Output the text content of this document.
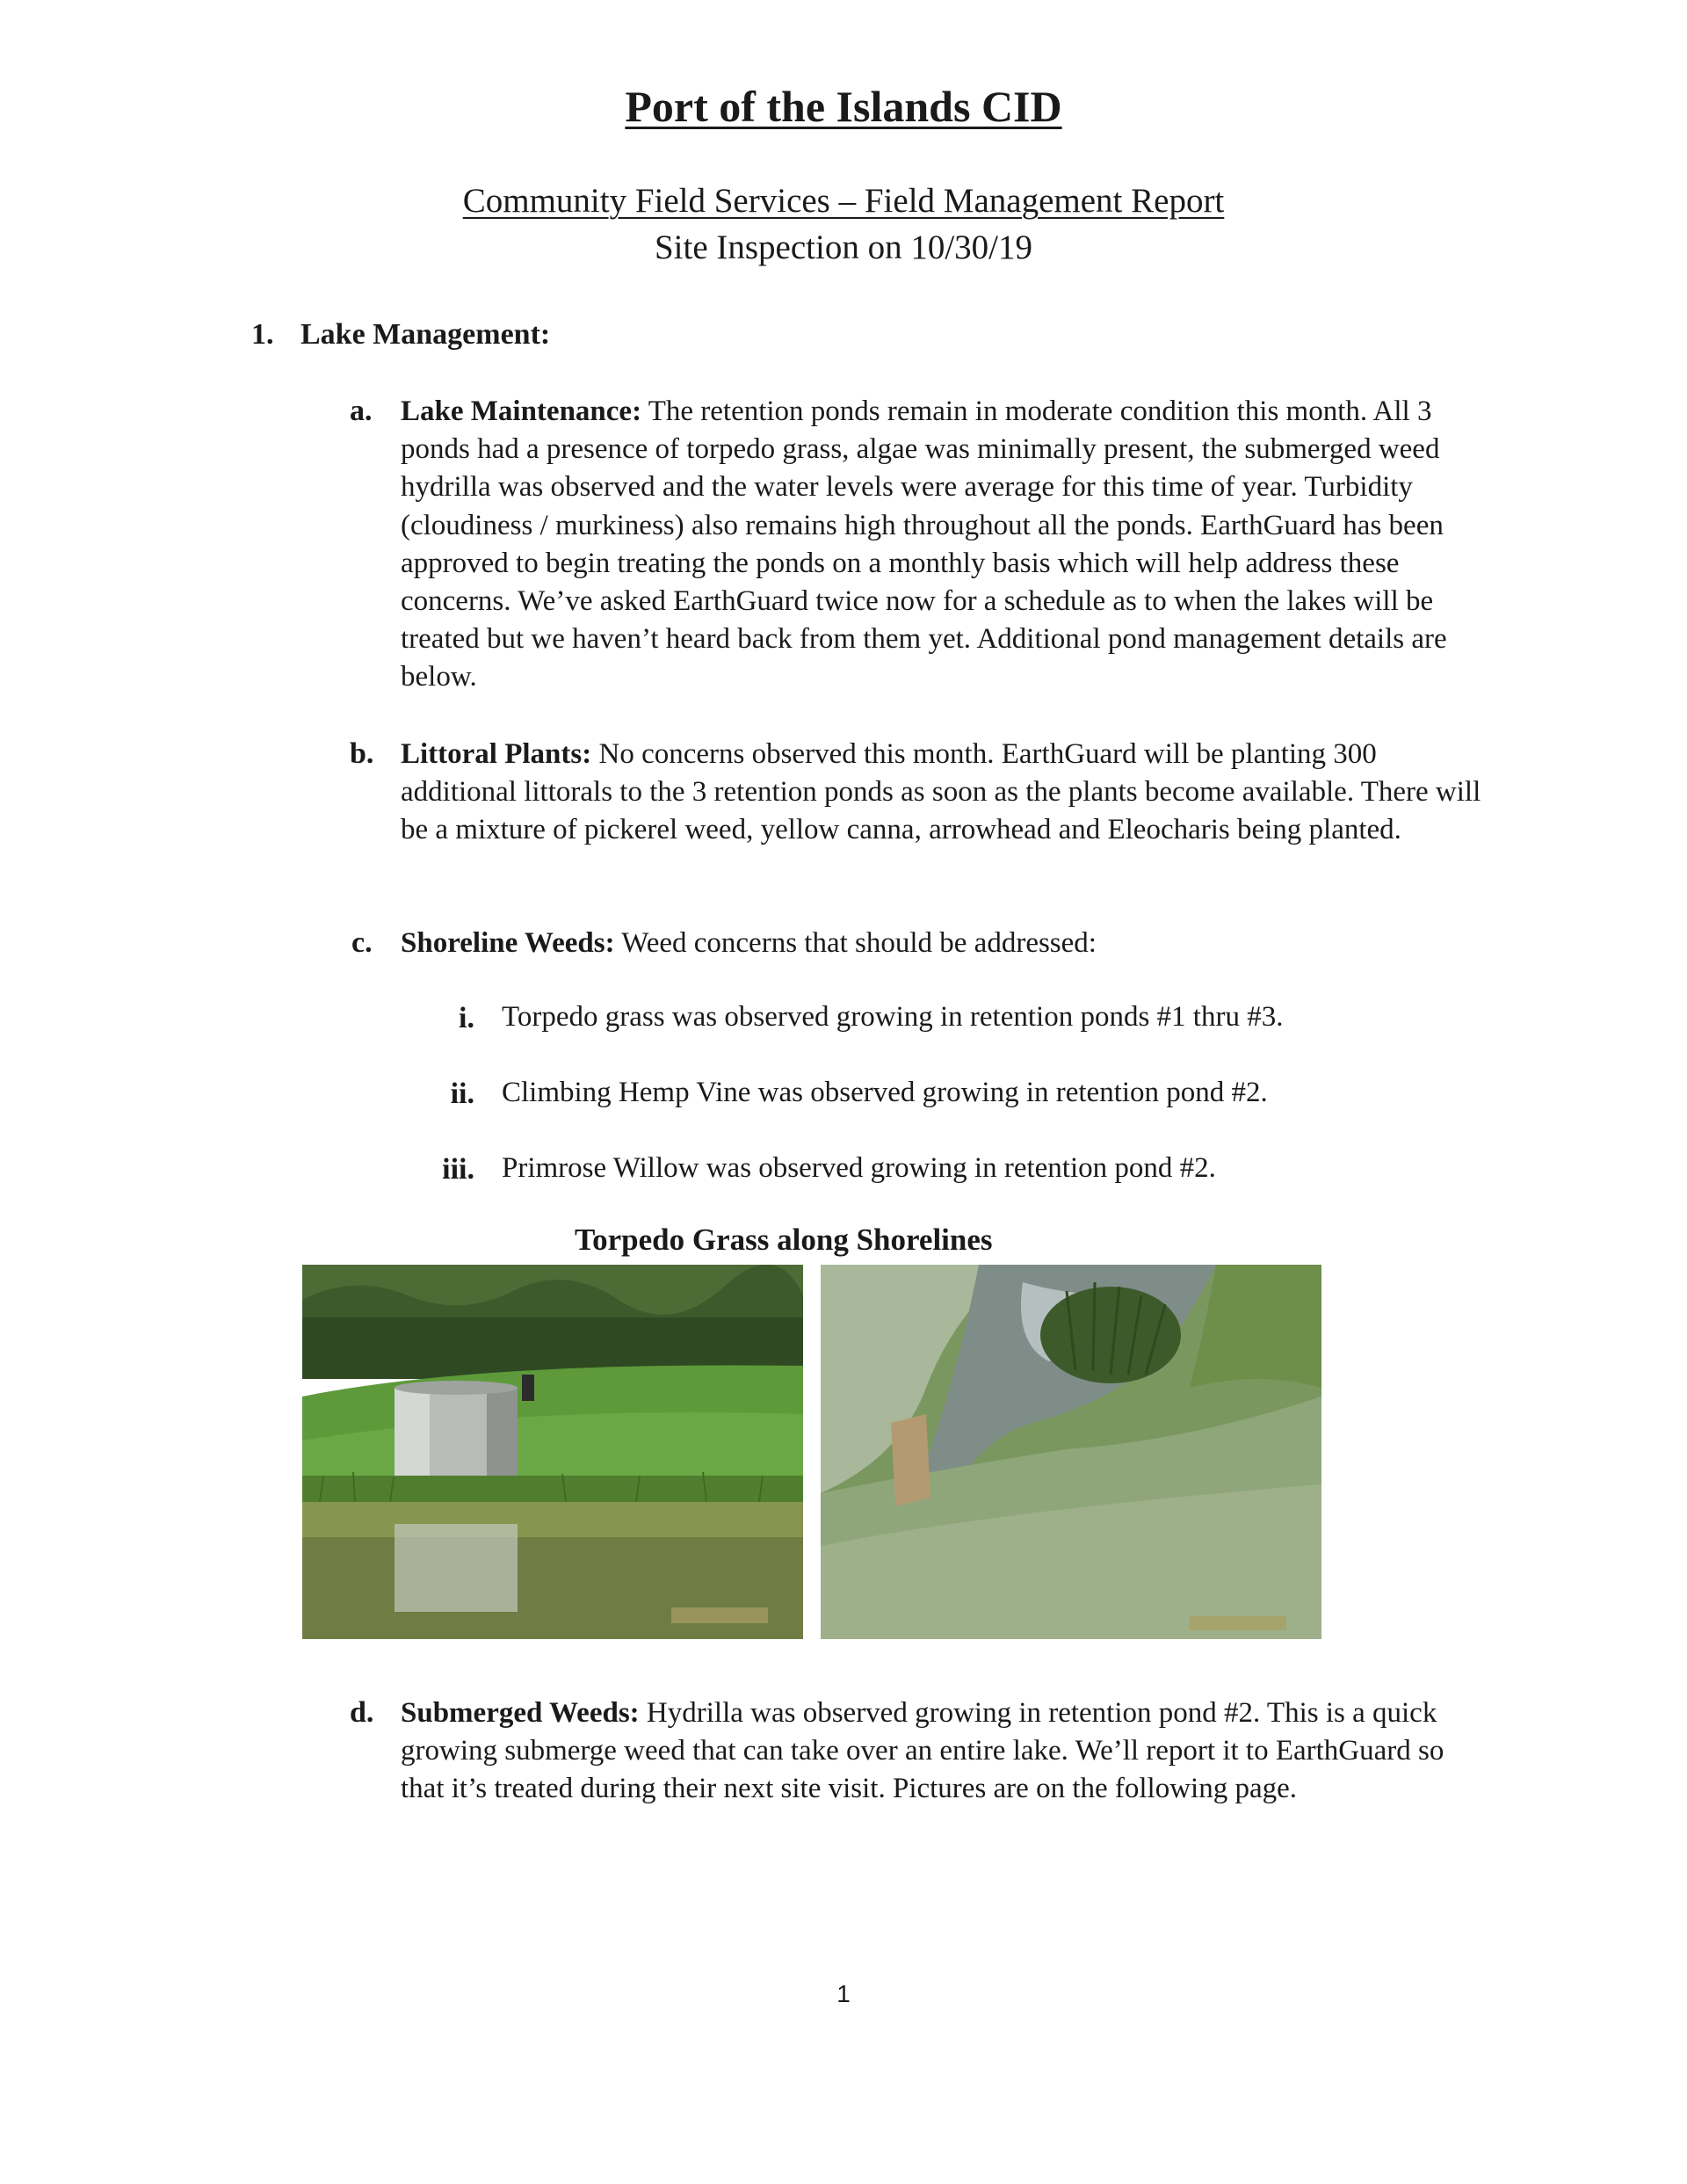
Port of the Islands CID
Community Field Services – Field Management Report
Site Inspection on 10/30/19
1. Lake Management:
a. Lake Maintenance: The retention ponds remain in moderate condition this month. All 3 ponds had a presence of torpedo grass, algae was minimally present, the submerged weed hydrilla was observed and the water levels were average for this time of year. Turbidity (cloudiness / murkiness) also remains high throughout all the ponds. EarthGuard has been approved to begin treating the ponds on a monthly basis which will help address these concerns. We’ve asked EarthGuard twice now for a schedule as to when the lakes will be treated but we haven’t heard back from them yet. Additional pond management details are below.
b. Littoral Plants: No concerns observed this month. EarthGuard will be planting 300 additional littorals to the 3 retention ponds as soon as the plants become available. There will be a mixture of pickerel weed, yellow canna, arrowhead and Eleocharis being planted.
c. Shoreline Weeds: Weed concerns that should be addressed:
i. Torpedo grass was observed growing in retention ponds #1 thru #3.
ii. Climbing Hemp Vine was observed growing in retention pond #2.
iii. Primrose Willow was observed growing in retention pond #2.
Torpedo Grass along Shorelines
d. Submerged Weeds: Hydrilla was observed growing in retention pond #2. This is a quick growing submerge weed that can take over an entire lake. We’ll report it to EarthGuard so that it’s treated during their next site visit. Pictures are on the following page.
1
